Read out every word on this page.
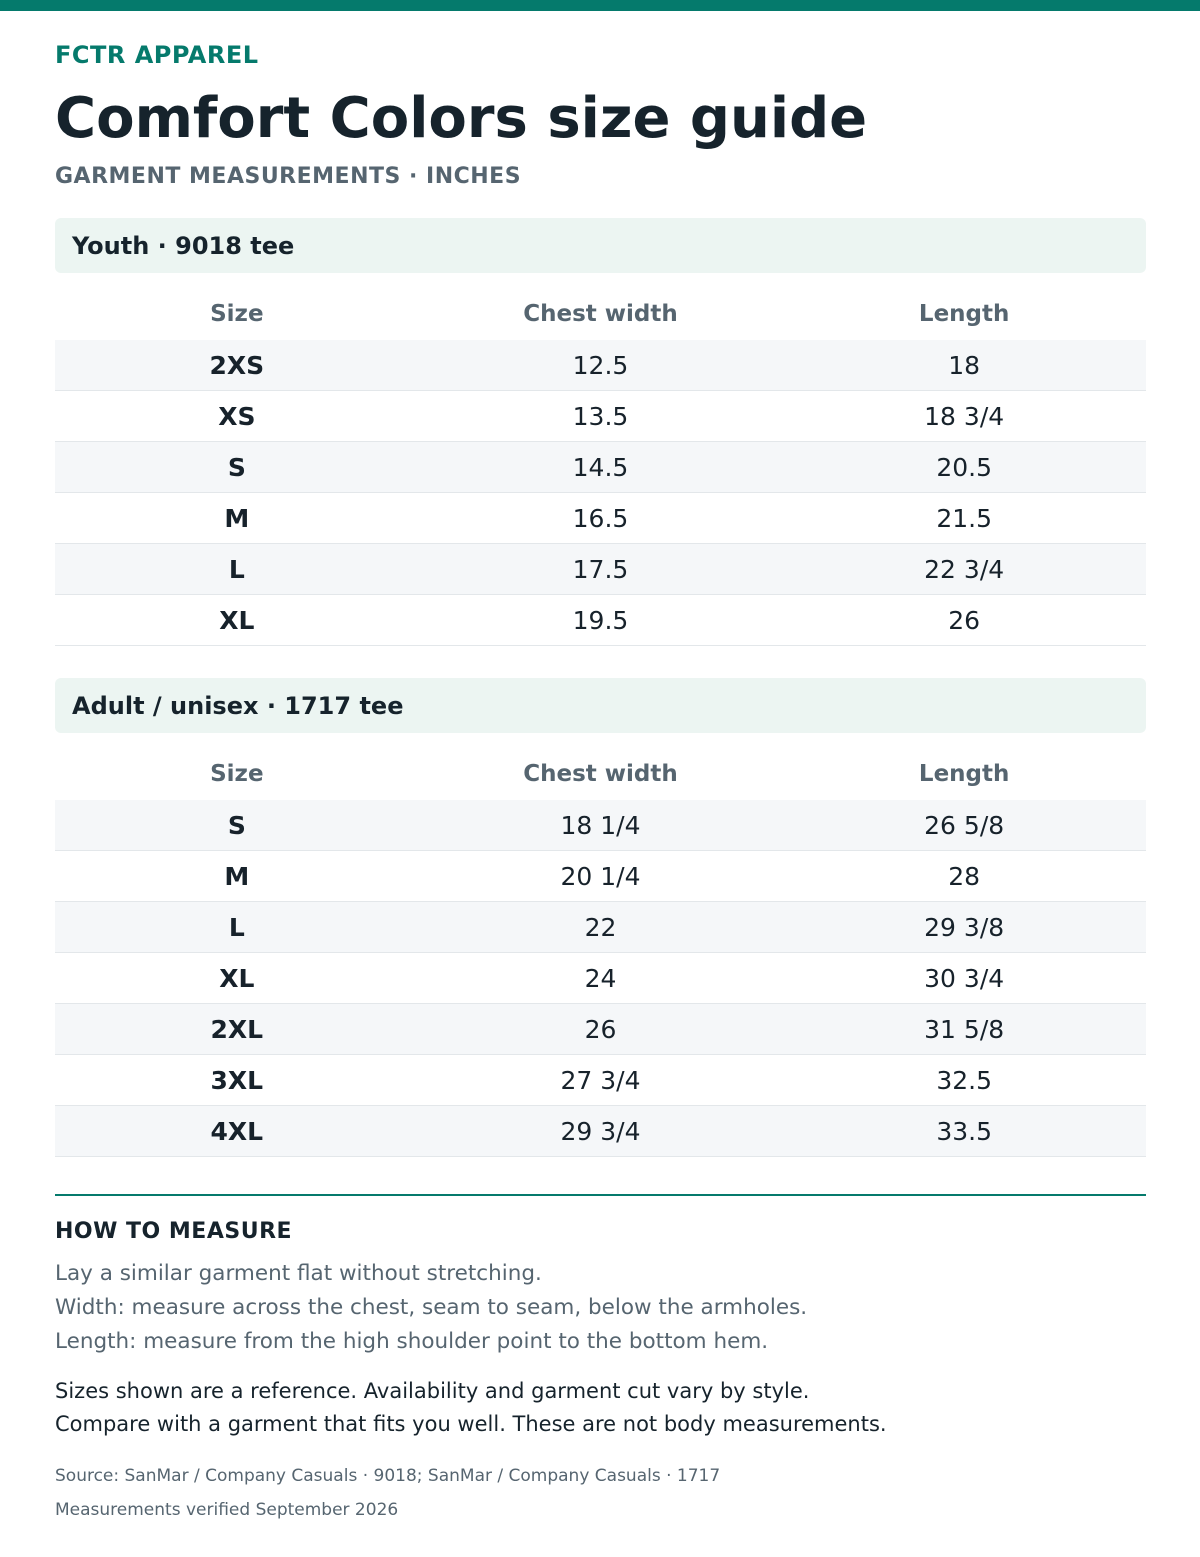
FCTR APPAREL
Comfort Colors size guide
GARMENT MEASUREMENTS · INCHES
Youth · 9018 tee
Size	Chest width	Length
2XS	12.5	18
XS	13.5	18 3/4
S	14.5	20.5
M	16.5	21.5
L	17.5	22 3/4
XL	19.5	26
Adult / unisex · 1717 tee
Size	Chest width	Length
S	18 1/4	26 5/8
M	20 1/4	28
L	22	29 3/8
XL	24	30 3/4
2XL	26	31 5/8
3XL	27 3/4	32.5
4XL	29 3/4	33.5
HOW TO MEASURE
Lay a similar garment flat without stretching.
Width: measure across the chest, seam to seam, below the armholes.
Length: measure from the high shoulder point to the bottom hem.
Sizes shown are a reference. Availability and garment cut vary by style.
Compare with a garment that fits you well. These are not body measurements.
Source: SanMar / Company Casuals · 9018; SanMar / Company Casuals · 1717
Measurements verified September 2026
